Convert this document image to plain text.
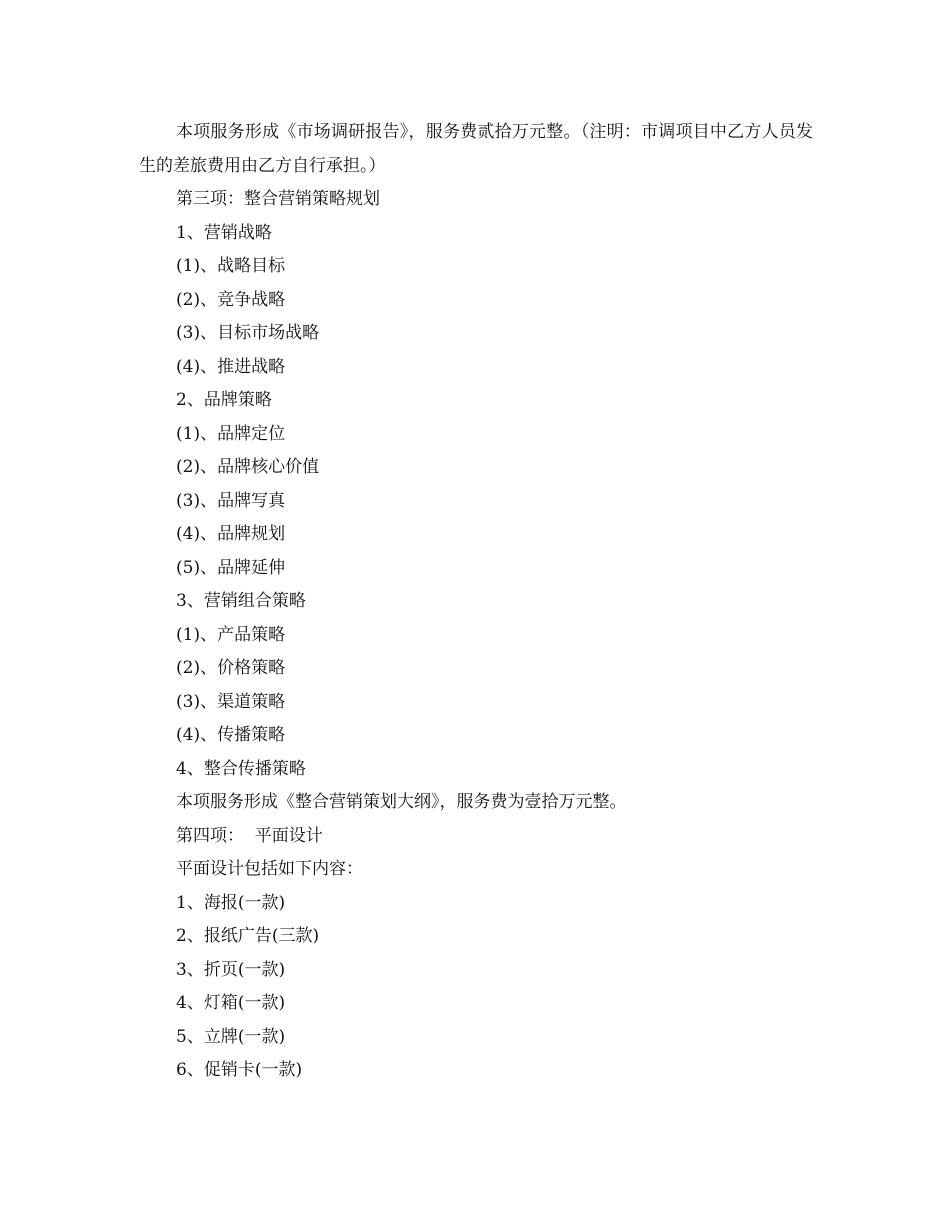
本项服务形成《市场调研报告》，服务费贰拾万元整。（注明：市调项目中乙方人员发生的差旅费用由乙方自行承担。）

第三项：整合营销策略规划

1、营销战略

(1)、战略目标

(2)、竞争战略

(3)、目标市场战略

(4)、推进战略

2、品牌策略

(1)、品牌定位

(2)、品牌核心价值

(3)、品牌写真

(4)、品牌规划

(5)、品牌延伸

3、营销组合策略

(1)、产品策略

(2)、价格策略

(3)、渠道策略

(4)、传播策略

4、整合传播策略

本项服务形成《整合营销策划大纲》，服务费为壹拾万元整。

第四项：  平面设计

平面设计包括如下内容：

1、海报(一款)

2、报纸广告(三款)

3、折页(一款)

4、灯箱(一款)

5、立牌(一款)

6、促销卡(一款)
